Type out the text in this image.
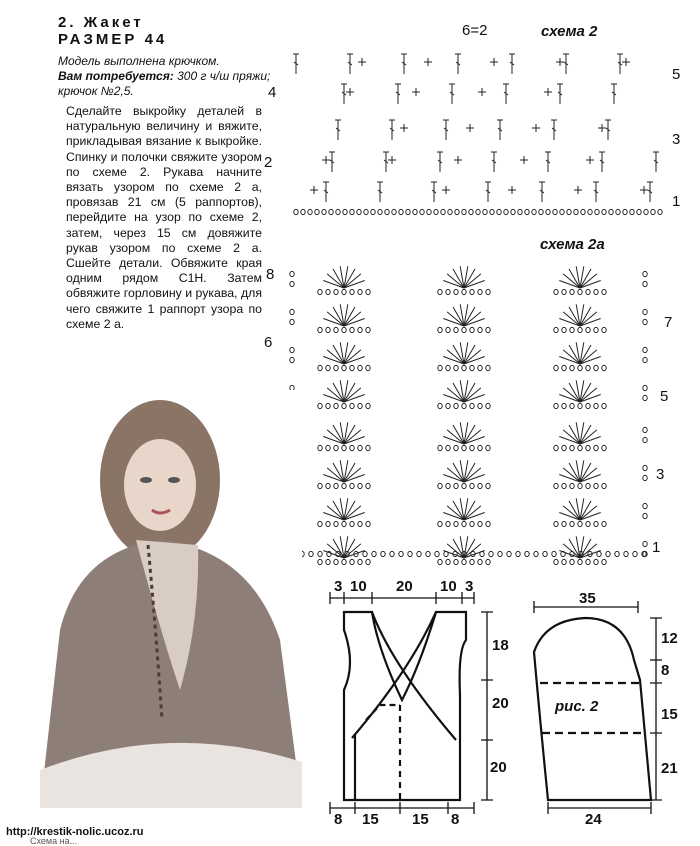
2. Жакет
РАЗМЕР 44
Модель выполнена крючком.
Вам потребуется: 300 г ч/ш пряжи; крючок №2,5.
Сделайте выкройку деталей в натуральную величину и вяжите, прикладывая вязание к выкройке. Спинку и полочки свяжите узором по схеме 2. Рукава начните вязать узором по схеме 2 а, провязав 21 см (5 раппортов), перейдите на узор по схеме 2, затем, через 15 см довяжите рукав узором по схеме 2 а. Сшейте детали. Обвяжите края одним рядом С1Н. Затем обвяжите горловину и рукава, для чего свяжите 1 раппорт узора по схеме 2 а.
6=2	схема 2
4
2
5
3
1
схема 2а
8
6
7
5
3
1
3 10 20 10 3
18
20
20
8 15 15 8
35
12
8
15
21
24
рис. 2
http://krestik-nolic.ucoz.ru
Схема на...
